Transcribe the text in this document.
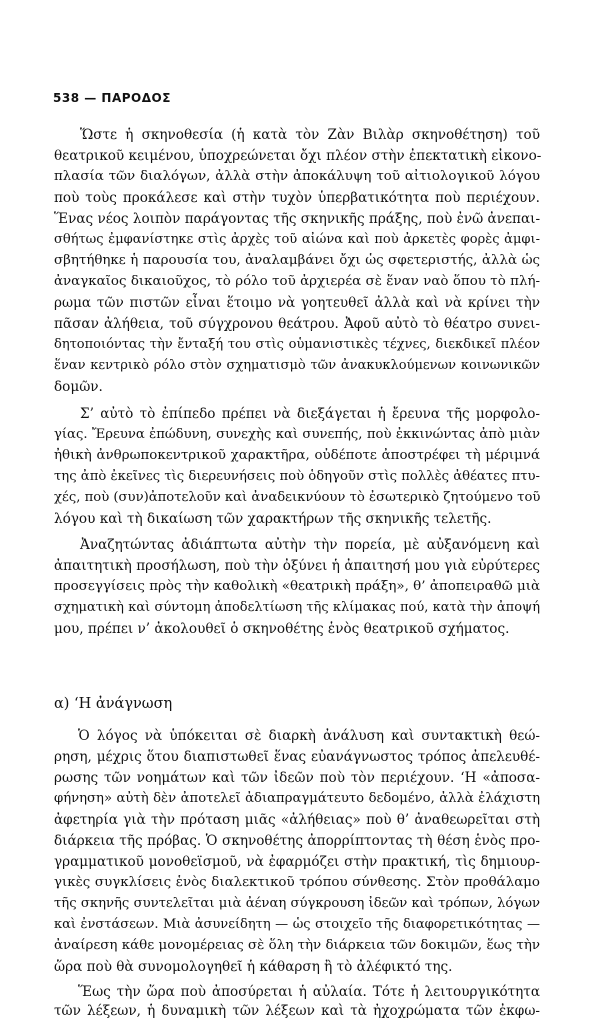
538 — ΠΑΡΟΔΟΣ
Ὥστε ἡ σκηνοθεσία (ἡ κατὰ τὸν Ζὰν Βιλὰρ σκηνοθέτηση) τοῦ
θεατρικοῦ κειμένου, ὑποχρεώνεται ὄχι πλέον στὴν ἐπεκτατικὴ εἰκονο-
πλασία τῶν διαλόγων, ἀλλὰ στὴν ἀποκάλυψη τοῦ αἰτιολογικοῦ λόγου
ποὺ τοὺς προκάλεσε καὶ στὴν τυχὸν ὑπερβατικότητα ποὺ περιέχουν.
Ἕνας νέος λοιπὸν παράγοντας τῆς σκηνικῆς πράξης, ποὺ ἐνῶ ἀνεπαι-
σθήτως ἐμφανίστηκε στὶς ἀρχὲς τοῦ αἰώνα καὶ ποὺ ἀρκετὲς φορὲς ἀμφι-
σβητήθηκε ἡ παρουσία του, ἀναλαμβάνει ὄχι ὡς σφετεριστής, ἀλλὰ ὡς
ἀναγκαῖος δικαιοῦχος, τὸ ρόλο τοῦ ἀρχιερέα σὲ ἕναν ναὸ ὅπου τὸ πλή-
ρωμα τῶν πιστῶν εἶναι ἕτοιμο νὰ γοητευθεῖ ἀλλὰ καὶ νὰ κρίνει τὴν
πᾶσαν ἀλήθεια, τοῦ σύγχρονου θεάτρου. Ἀφοῦ αὐτὸ τὸ θέατρο συνει-
δητοποιόντας τὴν ἔνταξή του στὶς οὑμανιστικὲς τέχνες, διεκδικεῖ πλέον
ἕναν κεντρικὸ ρόλο στὸν σχηματισμὸ τῶν ἀνακυκλούμενων κοινωνικῶν
δομῶν.
Σ’ αὐτὸ τὸ ἐπίπεδο πρέπει νὰ διεξάγεται ἡ ἔρευνα τῆς μορφολο-
γίας. Ἔρευνα ἐπώδυνη, συνεχὴς καὶ συνεπής, ποὺ ἐκκινώντας ἀπὸ μιὰν
ἠθικὴ ἀνθρωποκεντρικοῦ χαρακτῆρα, οὐδέποτε ἀποστρέφει τὴ μέριμνά
της ἀπὸ ἐκεῖνες τὶς διερευνήσεις ποὺ ὁδηγοῦν στὶς πολλὲς ἀθέατες πτυ-
χές, ποὺ (συν)ἀποτελοῦν καὶ ἀναδεικνύουν τὸ ἐσωτερικὸ ζητούμενο τοῦ
λόγου καὶ τὴ δικαίωση τῶν χαρακτήρων τῆς σκηνικῆς τελετῆς.
Ἀναζητώντας ἀδιάπτωτα αὐτὴν τὴν πορεία, μὲ αὐξανόμενη καὶ
ἀπαιτητικὴ προσήλωση, ποὺ τὴν ὀξύνει ἡ ἀπαιτησή μου γιὰ εὐρύτερες
προσεγγίσεις πρὸς τὴν καθολικὴ «θεατρικὴ πράξη», θ’ ἀποπειραθῶ μιὰ
σχηματικὴ καὶ σύντομη ἀποδελτίωση τῆς κλίμακας πού, κατὰ τὴν ἀποψή
μου, πρέπει ν’ ἀκολουθεῖ ὁ σκηνοθέτης ἑνὸς θεατρικοῦ σχήματος.
α) ‘Η ἀνάγνωση
Ὁ λόγος νὰ ὑπόκειται σὲ διαρκὴ ἀνάλυση καὶ συντακτικὴ θεώ-
ρηση, μέχρις ὅτου διαπιστωθεῖ ἕνας εὐανάγνωστος τρόπος ἀπελευθέ-
ρωσης τῶν νοημάτων καὶ τῶν ἰδεῶν ποὺ τὸν περιέχουν. ‘Η «ἀποσα-
φήνηση» αὐτὴ δὲν ἀποτελεῖ ἀδιαπραγμάτευτο δεδομένο, ἀλλὰ ἐλάχιστη
ἀφετηρία γιὰ τὴν πρόταση μιᾶς «ἀλήθειας» ποὺ θ’ ἀναθεωρεῖται στὴ
διάρκεια τῆς πρόβας. Ὁ σκηνοθέτης ἀπορρίπτοντας τὴ θέση ἑνὸς προ-
γραμματικοῦ μονοθεϊσμοῦ, νὰ ἐφαρμόζει στὴν πρακτική, τὶς δημιουρ-
γικὲς συγκλίσεις ἑνὸς διαλεκτικοῦ τρόπου σύνθεσης. Στὸν προθάλαμο
τῆς σκηνῆς συντελεῖται μιὰ ἀέναη σύγκρουση ἰδεῶν καὶ τρόπων, λόγων
καὶ ἐνστάσεων. Μιὰ ἀσυνείδητη — ὡς στοιχεῖο τῆς διαφορετικότητας —
ἀναίρεση κάθε μονομέρειας σὲ ὅλη τὴν διάρκεια τῶν δοκιμῶν, ἕως τὴν
ὥρα ποὺ θὰ συνομολογηθεῖ ἡ κάθαρση ἢ τὸ ἀλέφικτό της.
Ἕως τὴν ὥρα ποὺ ἀποσύρεται ἡ αὐλαία. Τότε ἡ λειτουργικότητα
τῶν λέξεων, ἡ δυναμικὴ τῶν λέξεων καὶ τὰ ἠχοχρώματα τῶν ἐκφω-
